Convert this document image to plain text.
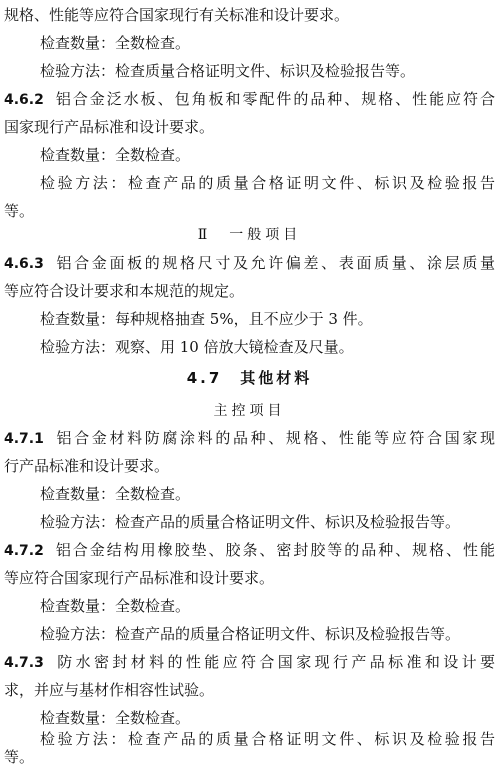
规格、性能等应符合国家现行有关标准和设计要求。
检查数量：全数检查。
检验方法：检查质量合格证明文件、标识及检验报告等。
4.6.2 铝合金泛水板、包角板和零配件的品种、规格、性能应符合
国家现行产品标准和设计要求。
检查数量：全数检查。
检验方法：检查产品的质量合格证明文件、标识及检验报告
等。
Ⅱ　一般项目
4.6.3 铝合金面板的规格尺寸及允许偏差、表面质量、涂层质量
等应符合设计要求和本规范的规定。
检查数量：每种规格抽查 5%，且不应少于 3 件。
检验方法：观察、用 10 倍放大镜检查及尺量。
4.7　其他材料
主控项目
4.7.1 铝合金材料防腐涂料的品种、规格、性能等应符合国家现
行产品标准和设计要求。
检查数量：全数检查。
检验方法：检查产品的质量合格证明文件、标识及检验报告等。
4.7.2 铝合金结构用橡胶垫、胶条、密封胶等的品种、规格、性能
等应符合国家现行产品标准和设计要求。
检查数量：全数检查。
检验方法：检查产品的质量合格证明文件、标识及检验报告等。
4.7.3 防水密封材料的性能应符合国家现行产品标准和设计要
求，并应与基材作相容性试验。
检查数量：全数检查。
检验方法：检查产品的质量合格证明文件、标识及检验报告
等。
